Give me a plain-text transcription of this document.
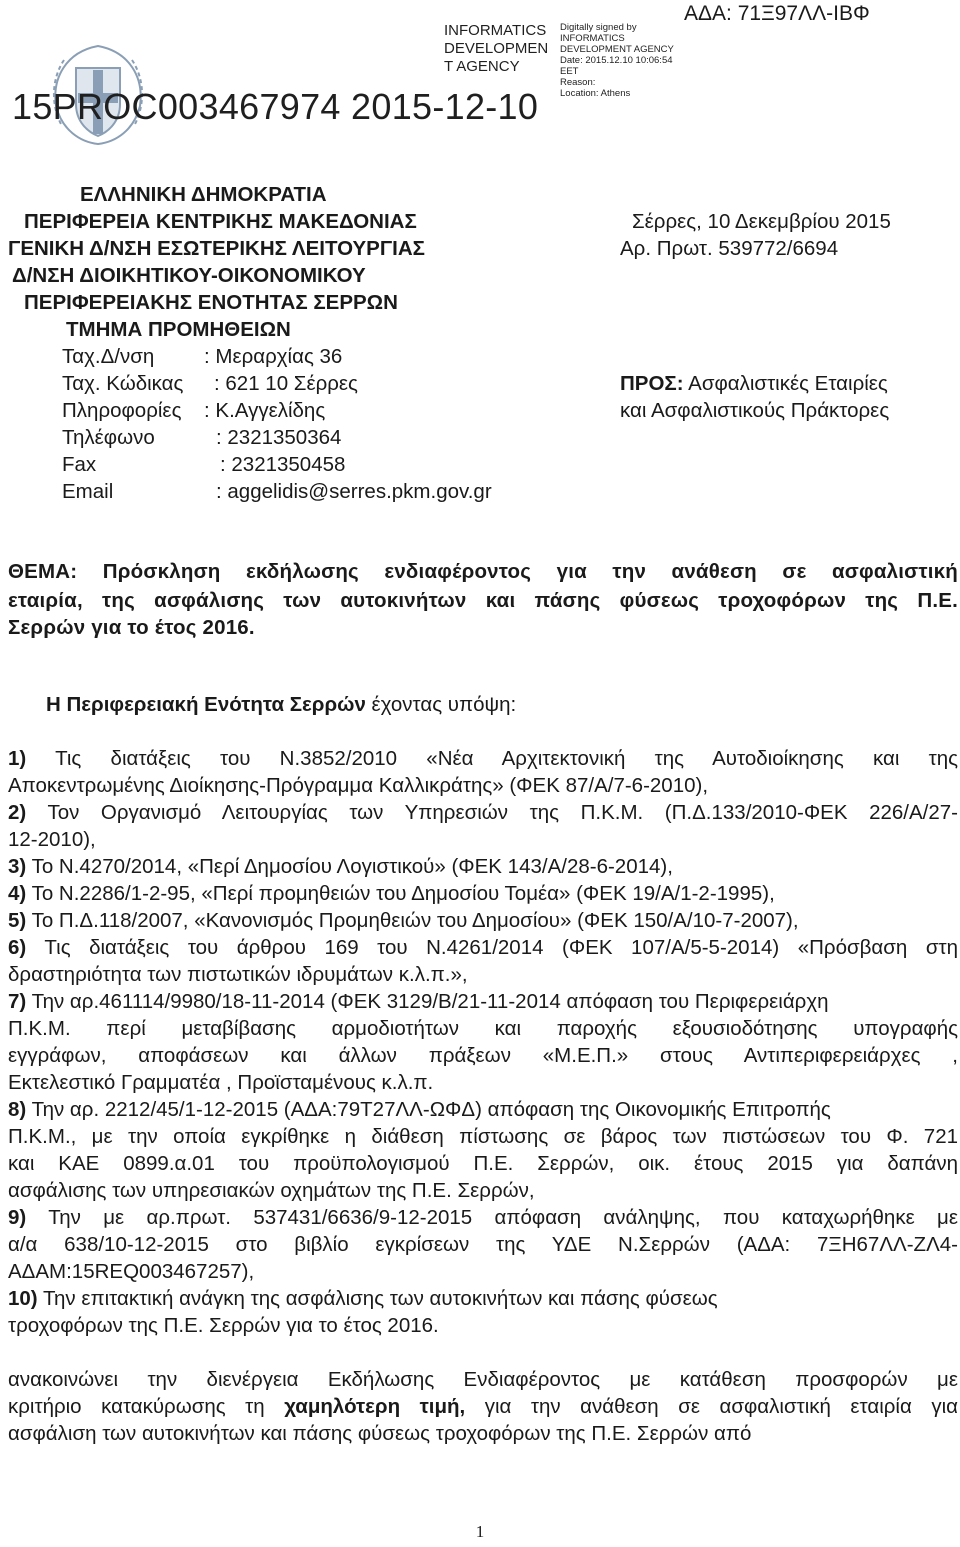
15PROC003467974 2015-12-10
INFORMATICS DEVELOPMEN T AGENCY
Digitally signed by
INFORMATICS
DEVELOPMENT AGENCY
Date: 2015.12.10 10:06:54
EET
Reason:
Location: Athens
ΑΔΑ: 71Ξ97ΛΛ-ΙΒΦ
ΕΛΛΗΝΙΚΗ ΔΗΜΟΚΡΑΤΙΑ
ΠΕΡΙΦΕΡΕΙΑ ΚΕΝΤΡΙΚΗΣ ΜΑΚΕΔΟΝΙΑΣ
ΓΕΝΙΚΗ Δ/ΝΣΗ ΕΣΩΤΕΡΙΚΗΣ ΛΕΙΤΟΥΡΓΙΑΣ
Δ/ΝΣΗ ΔΙΟΙΚΗΤΙΚΟΥ-ΟΙΚΟΝΟΜΙΚΟΥ
ΠΕΡΙΦΕΡΕΙΑΚΗΣ ΕΝΟΤΗΤΑΣ ΣΕΡΡΩΝ
ΤΜΗΜΑ ΠΡΟΜΗΘΕΙΩΝ
Σέρρες, 10 Δεκεμβρίου 2015
Αρ. Πρωτ. 539772/6694
Ταχ.Δ/νση : Μεραρχίας 36
Ταχ. Κώδικας : 621 10 Σέρρες
Πληροφορίες : Κ.Αγγελίδης
Τηλέφωνο	: 2321350364
Fax	: 2321350458
Email	: aggelidis@serres.pkm.gov.gr
ΠΡΟΣ: Ασφαλιστικές Εταιρίες
και Ασφαλιστικούς Πράκτορες
ΘΕΜΑ: Πρόσκληση εκδήλωσης ενδιαφέροντος για την ανάθεση σε ασφαλιστική
εταιρία, της ασφάλισης των αυτοκινήτων και πάσης φύσεως τροχοφόρων της Π.Ε.
Σερρών για το έτος 2016.
Η Περιφερειακή Ενότητα Σερρών έχοντας υπόψη:
1) Τις διατάξεις του Ν.3852/2010 «Νέα Αρχιτεκτονική της Αυτοδιοίκησης και της
Αποκεντρωμένης Διοίκησης-Πρόγραμμα Καλλικράτης» (ΦΕΚ 87/Α/7-6-2010),
2) Τον Οργανισμό Λειτουργίας των Υπηρεσιών της Π.Κ.Μ. (Π.Δ.133/2010-ΦΕΚ 226/Α/27-
12-2010),
3) Το Ν.4270/2014, «Περί Δημοσίου Λογιστικού» (ΦΕΚ 143/Α/28-6-2014),
4) Το Ν.2286/1-2-95, «Περί προμηθειών του Δημοσίου Τομέα» (ΦΕΚ 19/Α/1-2-1995),
5) Το Π.Δ.118/2007, «Κανονισμός Προμηθειών του Δημοσίου» (ΦΕΚ 150/Α/10-7-2007),
6) Τις διατάξεις του άρθρου 169 του Ν.4261/2014 (ΦΕΚ 107/Α/5-5-2014) «Πρόσβαση στη
δραστηριότητα των πιστωτικών ιδρυμάτων κ.λ.π.»,
7) Την αρ.461114/9980/18-11-2014 (ΦΕΚ 3129/Β/21-11-2014 απόφαση του Περιφερειάρχη
Π.Κ.Μ. περί μεταβίβασης αρμοδιοτήτων και παροχής εξουσιοδότησης υπογραφής
εγγράφων, αποφάσεων και άλλων πράξεων «Μ.Ε.Π.» στους Αντιπεριφερειάρχες ,
Εκτελεστικό Γραμματέα , Προϊσταμένους κ.λ.π.
8) Την αρ. 2212/45/1-12-2015 (ΑΔΑ:79Τ27ΛΛ-ΩΦΔ) απόφαση της Οικονομικής Επιτροπής
Π.Κ.Μ., με την οποία εγκρίθηκε η διάθεση πίστωσης σε βάρος των πιστώσεων του Φ. 721
και ΚΑΕ 0899.α.01 του προϋπολογισμού Π.Ε. Σερρών, οικ. έτους 2015 για δαπάνη
ασφάλισης των υπηρεσιακών οχημάτων της Π.Ε. Σερρών,
9) Την με αρ.πρωτ. 537431/6636/9-12-2015 απόφαση ανάληψης, που καταχωρήθηκε με
α/α 638/10-12-2015 στο βιβλίο εγκρίσεων της ΥΔΕ Ν.Σερρών (ΑΔΑ: 7ΞΗ67ΛΛ-ΖΛ4-
ΑΔΑΜ:15REQ003467257),
10) Την επιτακτική ανάγκη της ασφάλισης των αυτοκινήτων και πάσης φύσεως
τροχοφόρων της Π.Ε. Σερρών για το έτος 2016.
ανακοινώνει την διενέργεια Εκδήλωσης Ενδιαφέροντος με κατάθεση προσφορών με
κριτήριο κατακύρωσης τη χαμηλότερη τιμή, για την ανάθεση σε ασφαλιστική εταιρία για
ασφάλιση των αυτοκινήτων και πάσης φύσεως τροχοφόρων της Π.Ε. Σερρών από
1
